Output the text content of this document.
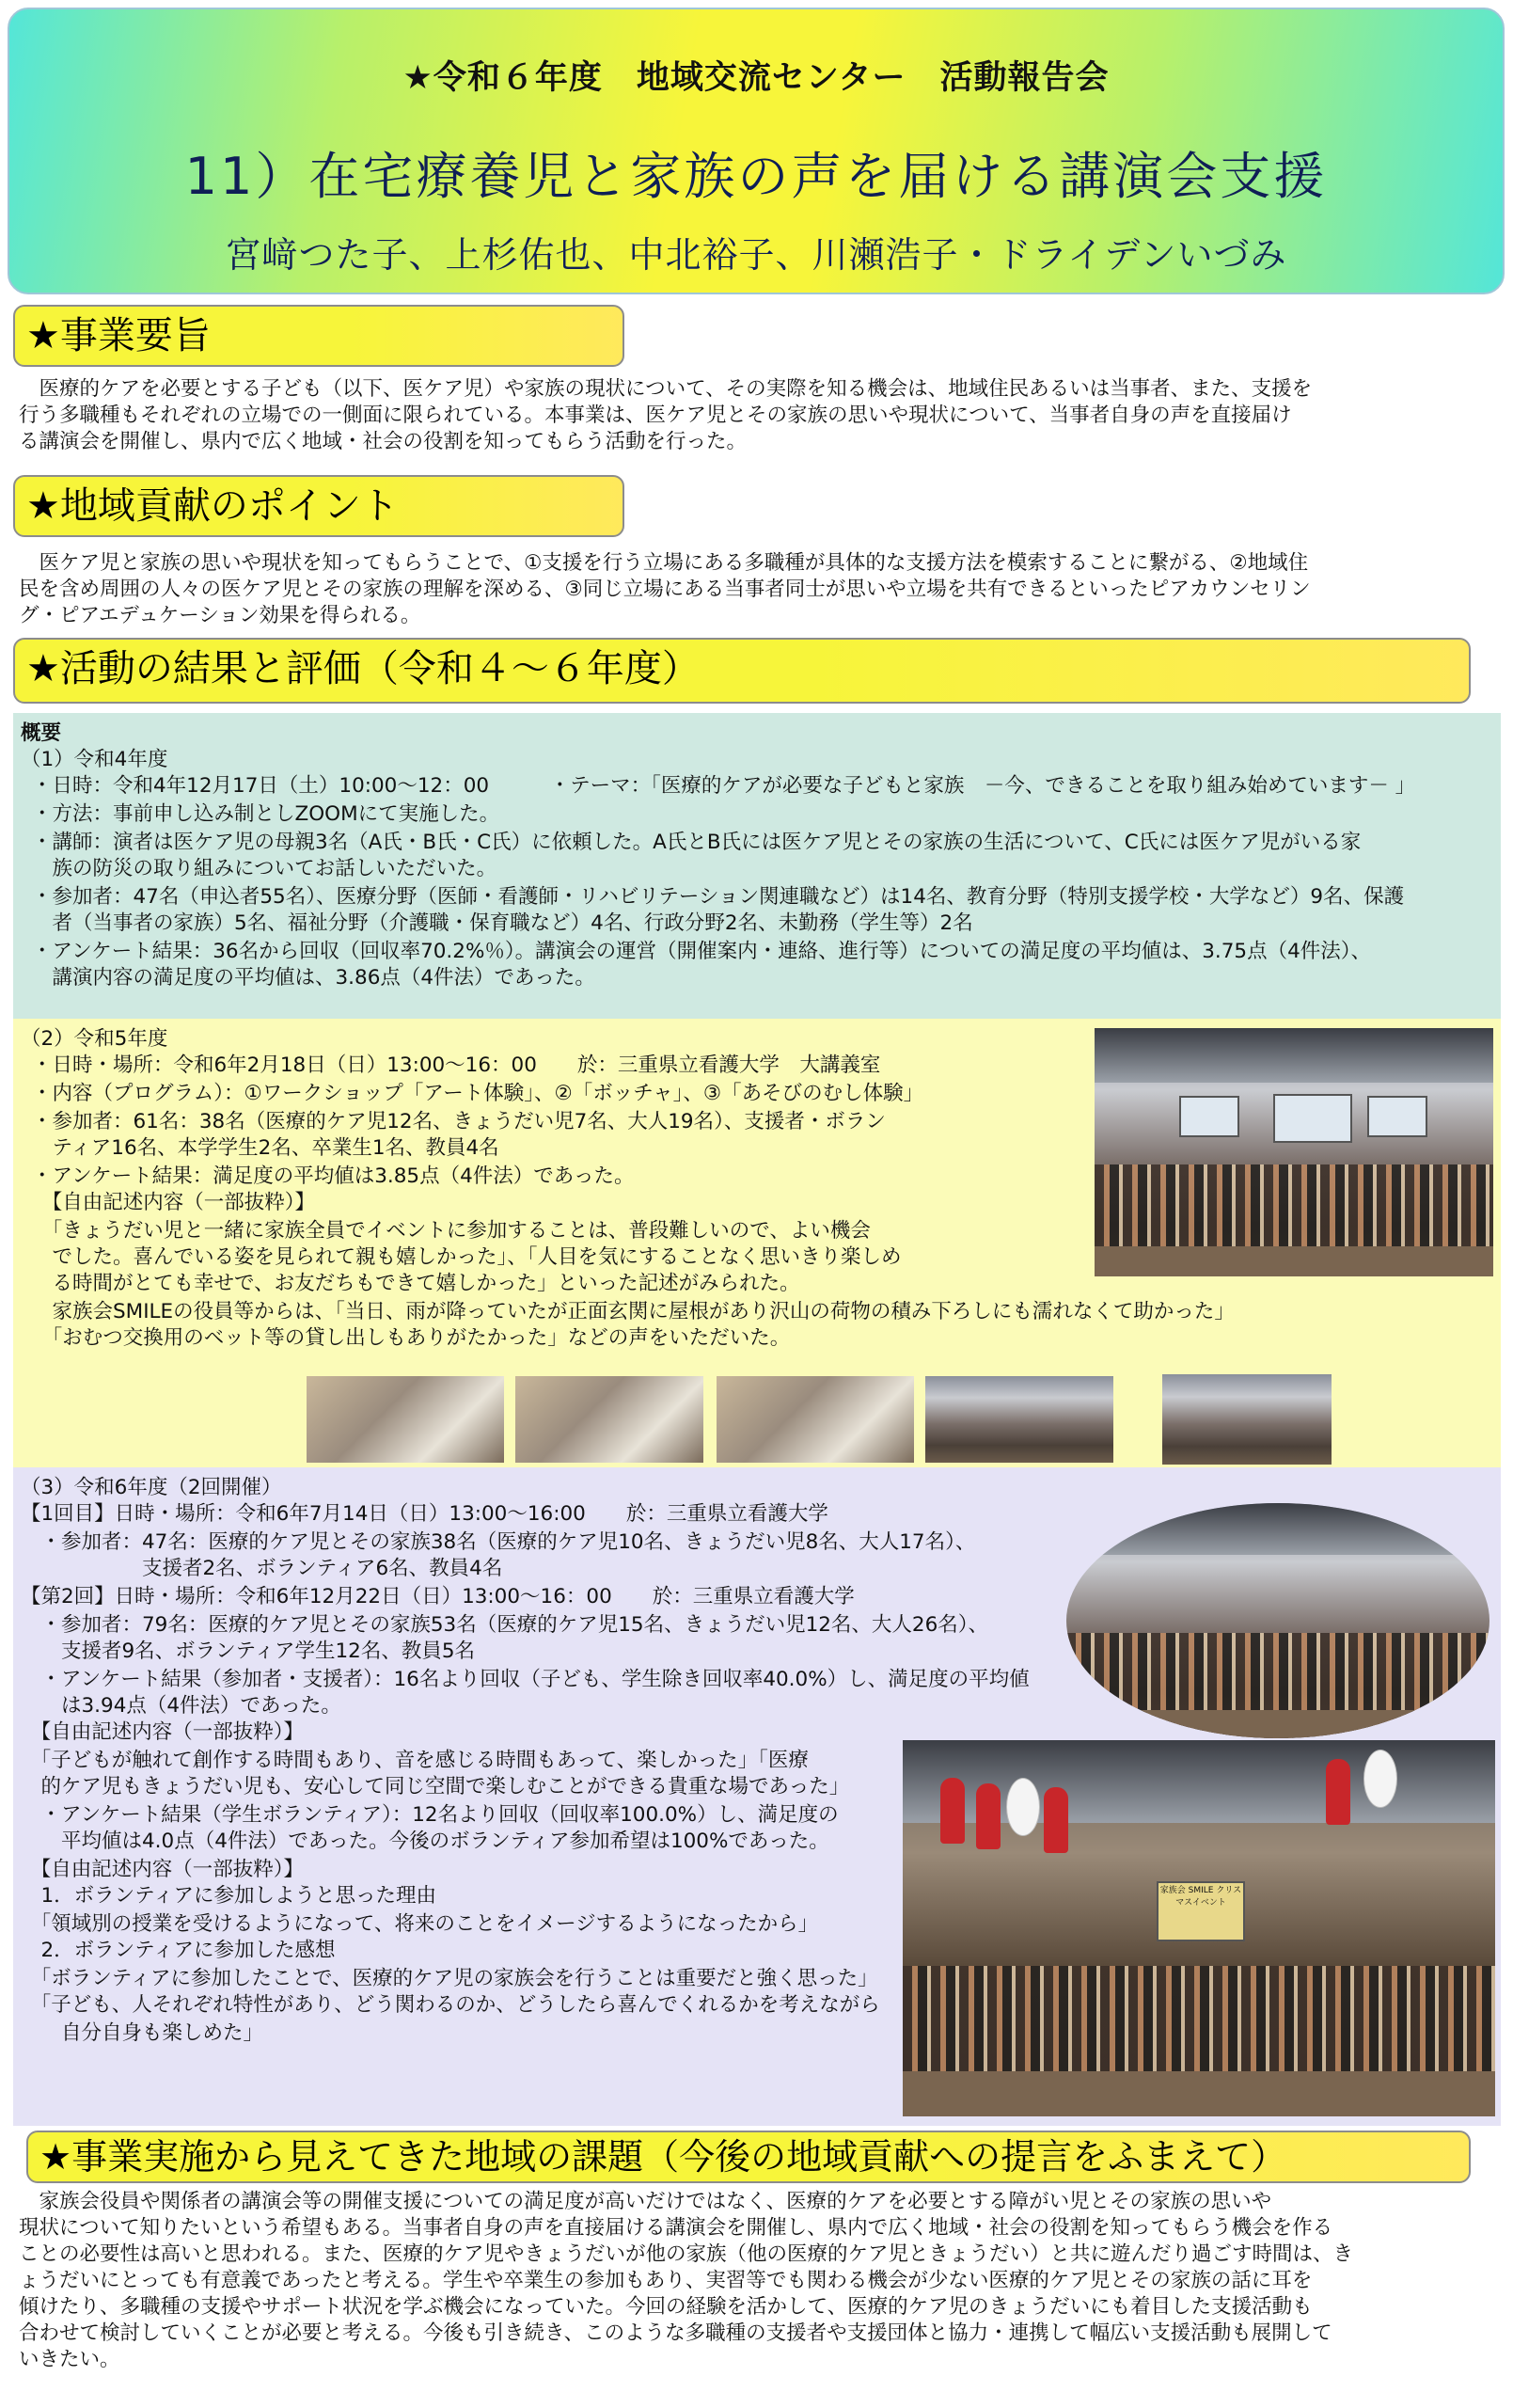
★令和６年度　地域交流センター　活動報告会
11）在宅療養児と家族の声を届ける講演会支援
宮﨑つた子、上杉佑也、中北裕子、川瀬浩子・ドライデンいづみ
★事業要旨
　医療的ケアを必要とする子ども（以下、医ケア児）や家族の現状について、その実際を知る機会は、地域住民あるいは当事者、また、支援を
行う多職種もそれぞれの立場での一側面に限られている。本事業は、医ケア児とその家族の思いや現状について、当事者自身の声を直接届け
る講演会を開催し、県内で広く地域・社会の役割を知ってもらう活動を行った。
★地域貢献のポイント
　医ケア児と家族の思いや現状を知ってもらうことで、①支援を行う立場にある多職種が具体的な支援方法を模索することに繋がる、②地域住
民を含め周囲の人々の医ケア児とその家族の理解を深める、③同じ立場にある当事者同士が思いや立場を共有できるといったピアカウンセリン
グ・ピアエデュケーション効果を得られる。
★活動の結果と評価（令和４～６年度）
概要
（1）令和4年度
・日時：令和4年12月17日（土）10:00～12：00　　　・テーマ：「医療的ケアが必要な子どもと家族　－今、できることを取り組み始めています－ 」
・方法：事前申し込み制としZOOMにて実施した。
・講師：演者は医ケア児の母親3名（A氏・B氏・C氏）に依頼した。A氏とB氏には医ケア児とその家族の生活について、C氏には医ケア児がいる家
　族の防災の取り組みについてお話しいただいた。
・参加者：47名（申込者55名）、医療分野（医師・看護師・リハビリテーション関連職など）は14名、教育分野（特別支援学校・大学など）9名、保護
　者（当事者の家族）5名、福祉分野（介護職・保育職など）4名、行政分野2名、未勤務（学生等）2名
・アンケート結果：36名から回収（回収率70.2%％）。講演会の運営（開催案内・連絡、進行等）についての満足度の平均値は、3.75点（4件法）、
　講演内容の満足度の平均値は、3.86点（4件法）であった。
（2）令和5年度
・日時・場所：令和6年2月18日（日）13:00～16：00　　於：三重県立看護大学　大講義室
・内容（プログラム）：①ワークショップ「アート体験」、②「ボッチャ」、③「あそびのむし体験」
・参加者：61名：38名（医療的ケア児12名、きょうだい児7名、大人19名）、支援者・ボラン
　ティア16名、本学学生2名、卒業生1名、教員4名
・アンケート結果：満足度の平均値は3.85点（4件法）であった。
　【自由記述内容（一部抜粋）】
　「きょうだい児と一緒に家族全員でイベントに参加することは、普段難しいので、よい機会
　でした。喜んでいる姿を見られて親も嬉しかった」、「人目を気にすることなく思いきり楽しめ
　る時間がとても幸せで、お友だちもできて嬉しかった」といった記述がみられた。
　家族会SMILEの役員等からは、「当日、雨が降っていたが正面玄関に屋根があり沢山の荷物の積み下ろしにも濡れなくて助かった」
　「おむつ交換用のベット等の貸し出しもありがたかった」などの声をいただいた。
（3）令和6年度（2回開催）
【1回目】日時・場所：令和6年7月14日（日）13:00～16:00　　於：三重県立看護大学
　・参加者：47名：医療的ケア児とその家族38名（医療的ケア児10名、きょうだい児8名、大人17名）、
　　　　　　支援者2名、ボランティア6名、教員4名
【第2回】日時・場所：令和6年12月22日（日）13:00～16：00　　於：三重県立看護大学
　・参加者：79名：医療的ケア児とその家族53名（医療的ケア児15名、きょうだい児12名、大人26名）、
　　支援者9名、ボランティア学生12名、教員5名
　・アンケート結果（参加者・支援者）：16名より回収（子ども、学生除き回収率40.0%）し、満足度の平均値
　　は3.94点（4件法）であった。
　【自由記述内容（一部抜粋）】
　「子どもが触れて創作する時間もあり、音を感じる時間もあって、楽しかった」「医療
　的ケア児もきょうだい児も、安心して同じ空間で楽しむことができる貴重な場であった」
　・アンケート結果（学生ボランティア）：12名より回収（回収率100.0%）し、満足度の
　　平均値は4.0点（4件法）であった。今後のボランティア参加希望は100%であった。
　【自由記述内容（一部抜粋）】
　1．ボランティアに参加しようと思った理由
　「領域別の授業を受けるようになって、将来のことをイメージするようになったから」
　2．ボランティアに参加した感想
　「ボランティアに参加したことで、医療的ケア児の家族会を行うことは重要だと強く思った」
　「子ども、人それぞれ特性があり、どう関わるのか、どうしたら喜んでくれるかを考えながら
　　自分自身も楽しめた」
家族会 SMILE クリスマスイベント
★事業実施から見えてきた地域の課題（今後の地域貢献への提言をふまえて）
　家族会役員や関係者の講演会等の開催支援についての満足度が高いだけではなく、医療的ケアを必要とする障がい児とその家族の思いや
現状について知りたいという希望もある。当事者自身の声を直接届ける講演会を開催し、県内で広く地域・社会の役割を知ってもらう機会を作る
ことの必要性は高いと思われる。また、医療的ケア児やきょうだいが他の家族（他の医療的ケア児ときょうだい）と共に遊んだり過ごす時間は、き
ょうだいにとっても有意義であったと考える。学生や卒業生の参加もあり、実習等でも関わる機会が少ない医療的ケア児とその家族の話に耳を
傾けたり、多職種の支援やサポート状況を学ぶ機会になっていた。今回の経験を活かして、医療的ケア児のきょうだいにも着目した支援活動も
合わせて検討していくことが必要と考える。今後も引き続き、このような多職種の支援者や支援団体と協力・連携して幅広い支援活動も展開して
いきたい。
